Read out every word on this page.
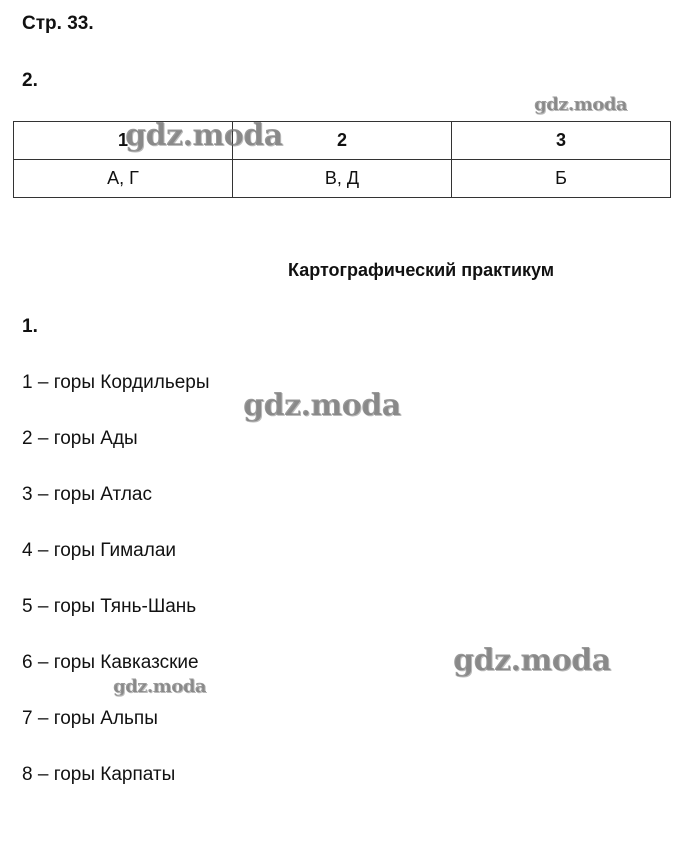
Стр. 33.
2.
1	2	3
А, Г	В, Д	Б
Картографический практикум
1.
1 – горы Кордильеры
2 – горы Ады
3 – горы Атлас
4 – горы Гималаи
5 – горы Тянь-Шань
6 – горы Кавказские
7 – горы Альпы
8 – горы Карпаты
gdz.moda
gdz.moda
gdz.moda
gdz.moda
gdz.moda
